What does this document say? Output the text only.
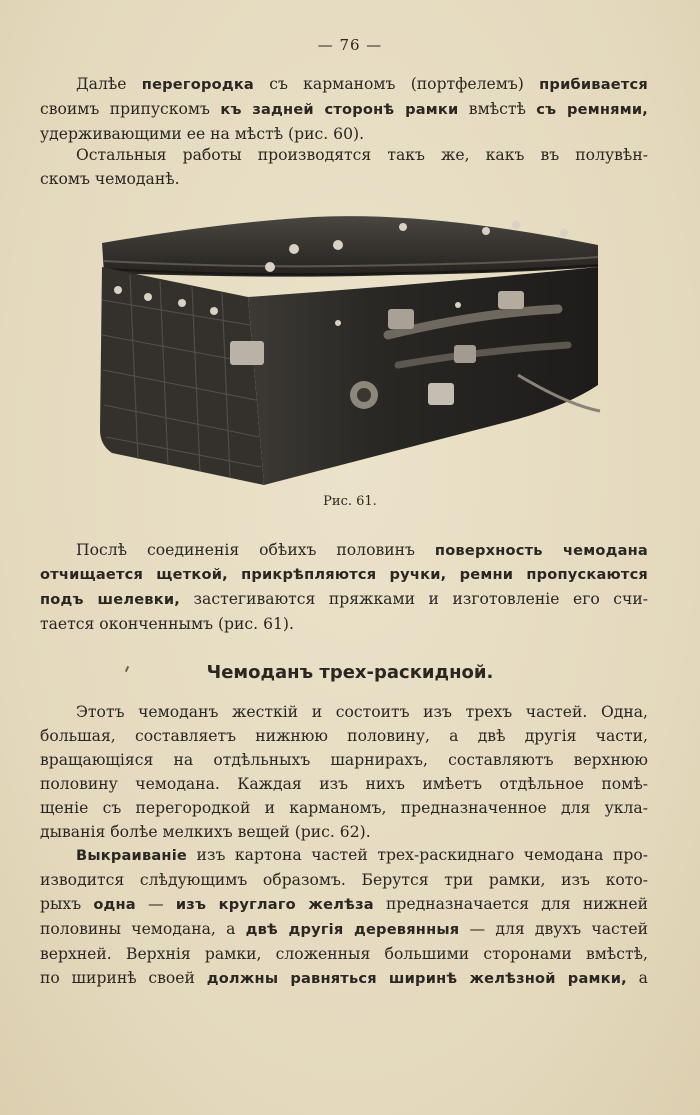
— 76 —
Далѣе перегородка съ карманомъ (портфелемъ) прибивается
своимъ припускомъ къ задней сторонѣ рамки вмѣстѣ съ ремнями,
удерживающими ее на мѣстѣ (рис. 60).
Остальныя работы производятся такъ же, какъ въ полувѣн-
скомъ чемоданѣ.
Рис. 61.
Послѣ соединенія обѣихъ половинъ поверхность чемодана
отчищается щеткой, прикрѣпляются ручки, ремни пропускаются
подъ шелевки, застегиваются пряжками и изготовленіе его счи-
тается оконченнымъ (рис. 61).
Чемоданъ трех-раскидной.
Этотъ чемоданъ жесткій и состоитъ изъ трехъ частей. Одна,
большая, составляетъ нижнюю половину, а двѣ другія части,
вращающіяся на отдѣльныхъ шарнирахъ, составляютъ верхнюю
половину чемодана. Каждая изъ нихъ имѣетъ отдѣльное помѣ-
щеніе съ перегородкой и карманомъ, предназначенное для укла-
дыванія болѣе мелкихъ вещей (рис. 62).
Выкраиваніе изъ картона частей трех-раскиднаго чемодана про-
изводится слѣдующимъ образомъ. Берутся три рамки, изъ кото-
рыхъ одна — изъ круглаго желѣза предназначается для нижней
половины чемодана, а двѣ другія деревянныя — для двухъ частей
верхней. Верхнія рамки, сложенныя большими сторонами вмѣстѣ,
по ширинѣ своей должны равняться ширинѣ желѣзной рамки, а
